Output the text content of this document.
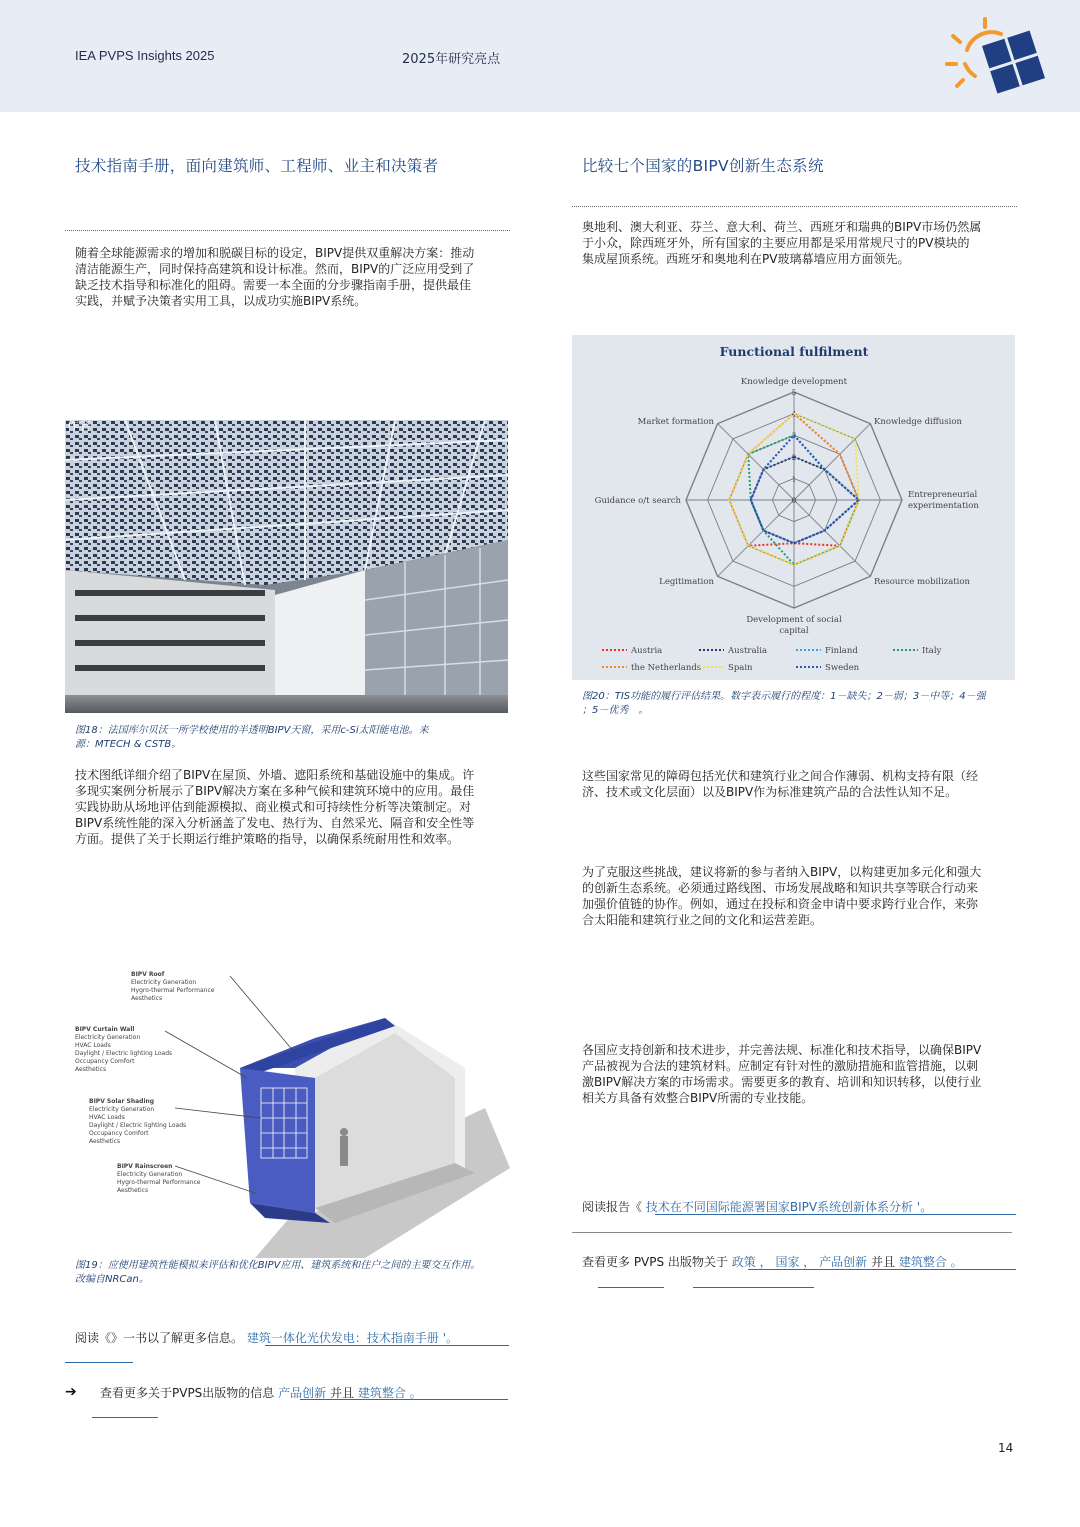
IEA PVPS Insights 2025	2025年研究亮点
技术指南手册，面向建筑师、工程师、业主和决策者
随着全球能源需求的增加和脱碳目标的设定，BIPV提供双重解决方案：推动
清洁能源生产，同时保持高建筑和设计标准。然而，BIPV的广泛应用受到了
缺乏技术指导和标准化的阻碍。需要一本全面的分步骤指南手册，提供最佳
实践，并赋予决策者实用工具，以成功实施BIPV系统。
作者
图18：法国库尔贝沃一所学校使用的半透明BIPV天窗，采用c-Si太阳能电池。来
源：MTECH & CSTB。
技术图纸详细介绍了BIPV在屋顶、外墙、遮阳系统和基础设施中的集成。许
多现实案例分析展示了BIPV解决方案在多种气候和建筑环境中的应用。最佳
实践协助从场地评估到能源模拟、商业模式和可持续性分析等决策制定。对
BIPV系统性能的深入分析涵盖了发电、热行为、自然采光、隔音和安全性等
方面。提供了关于长期运行维护策略的指导，以确保系统耐用性和效率。
BIPV Roof
Electricity Generation
Hygro-thermal Performance
Aesthetics
BIPV Curtain Wall
Electricity Generation
HVAC Loads
Daylight / Electric lighting Loads
Occupancy Comfort
Aesthetics
BIPV Solar Shading
Electricity Generation
HVAC Loads
Daylight / Electric lighting Loads
Occupancy Comfort
Aesthetics
BIPV Rainscreen
Electricity Generation
Hygro-thermal Performance
Aesthetics
图19：应使用建筑性能模拟来评估和优化BIPV应用、建筑系统和住户之间的主要交互作用。
改编自NRCan。
阅读《》一书以了解更多信息。 建筑一体化光伏发电：技术指南手册 '。
➔ 查看更多关于PVPS出版物的信息 产品创新 并且 建筑整合 。
比较七个国家的BIPV创新生态系统
奥地利、澳大利亚、芬兰、意大利、荷兰、西班牙和瑞典的BIPV市场仍然属
于小众，除西班牙外，所有国家的主要应用都是采用常规尺寸的PV模块的
集成屋顶系统。西班牙和奥地利在PV玻璃幕墙应用方面领先。
Functional fulfilment
0
1
2
3
4
5
Knowledge development
Knowledge diffusion
Entrepreneurial experimentation
Resource mobilization
Development of social capital
Legitimation
Guidance o/t search
Market formation
Austria	Australia	Finland	Italy
the Netherlands	Spain	Sweden
图20：TIS功能的履行评估结果。数字表示履行的程度：1－缺失；2－弱；3－中等；4－强
；5－优秀　。
这些国家常见的障碍包括光伏和建筑行业之间合作薄弱、机构支持有限（经
济、技术或文化层面）以及BIPV作为标准建筑产品的合法性认知不足。
为了克服这些挑战，建议将新的参与者纳入BIPV，以构建更加多元化和强大
的创新生态系统。必须通过路线图、市场发展战略和知识共享等联合行动来
加强价值链的协作。例如，通过在投标和资金申请中要求跨行业合作，来弥
合太阳能和建筑行业之间的文化和运营差距。
各国应支持创新和技术进步，并完善法规、标准化和技术指导，以确保BIPV
产品被视为合法的建筑材料。应制定有针对性的激励措施和监管措施，以刺
激BIPV解决方案的市场需求。需要更多的教育、培训和知识转移，以使行业
相关方具备有效整合BIPV所需的专业技能。
阅读报告《 技术在不同国际能源署国家BIPV系统创新体系分析 '。
查看更多 PVPS 出版物关于 政策 ， 国家 ， 产品创新 并且 建筑整合 。
14
